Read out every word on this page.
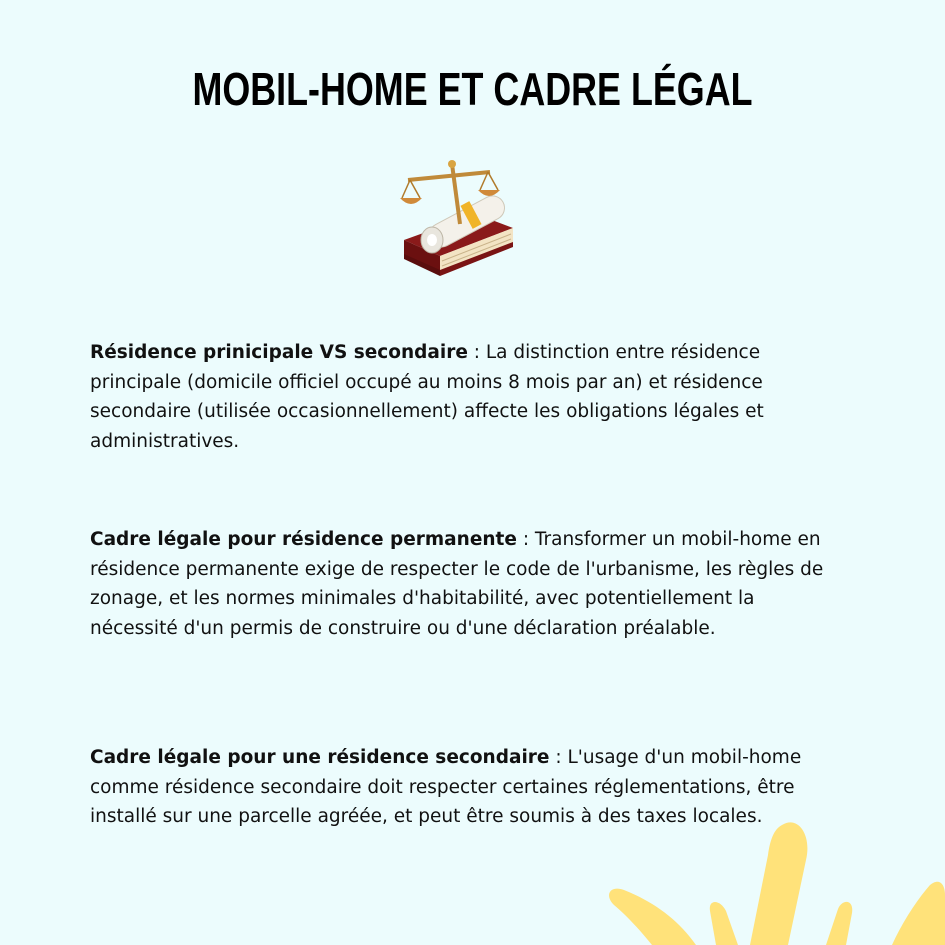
MOBIL-HOME ET CADRE LÉGAL
Résidence prinicipale VS secondaire : La distinction entre résidence principale (domicile officiel occupé au moins 8 mois par an) et résidence secondaire (utilisée occasionnellement) affecte les obligations légales et administratives.
Cadre légale pour résidence permanente : Transformer un mobil-home en résidence permanente exige de respecter le code de l'urbanisme, les règles de zonage, et les normes minimales d'habitabilité, avec potentiellement la nécessité d'un permis de construire ou d'une déclaration préalable.
Cadre légale pour une résidence secondaire : L'usage d'un mobil-home comme résidence secondaire doit respecter certaines réglementations, être installé sur une parcelle agréée, et peut être soumis à des taxes locales.
